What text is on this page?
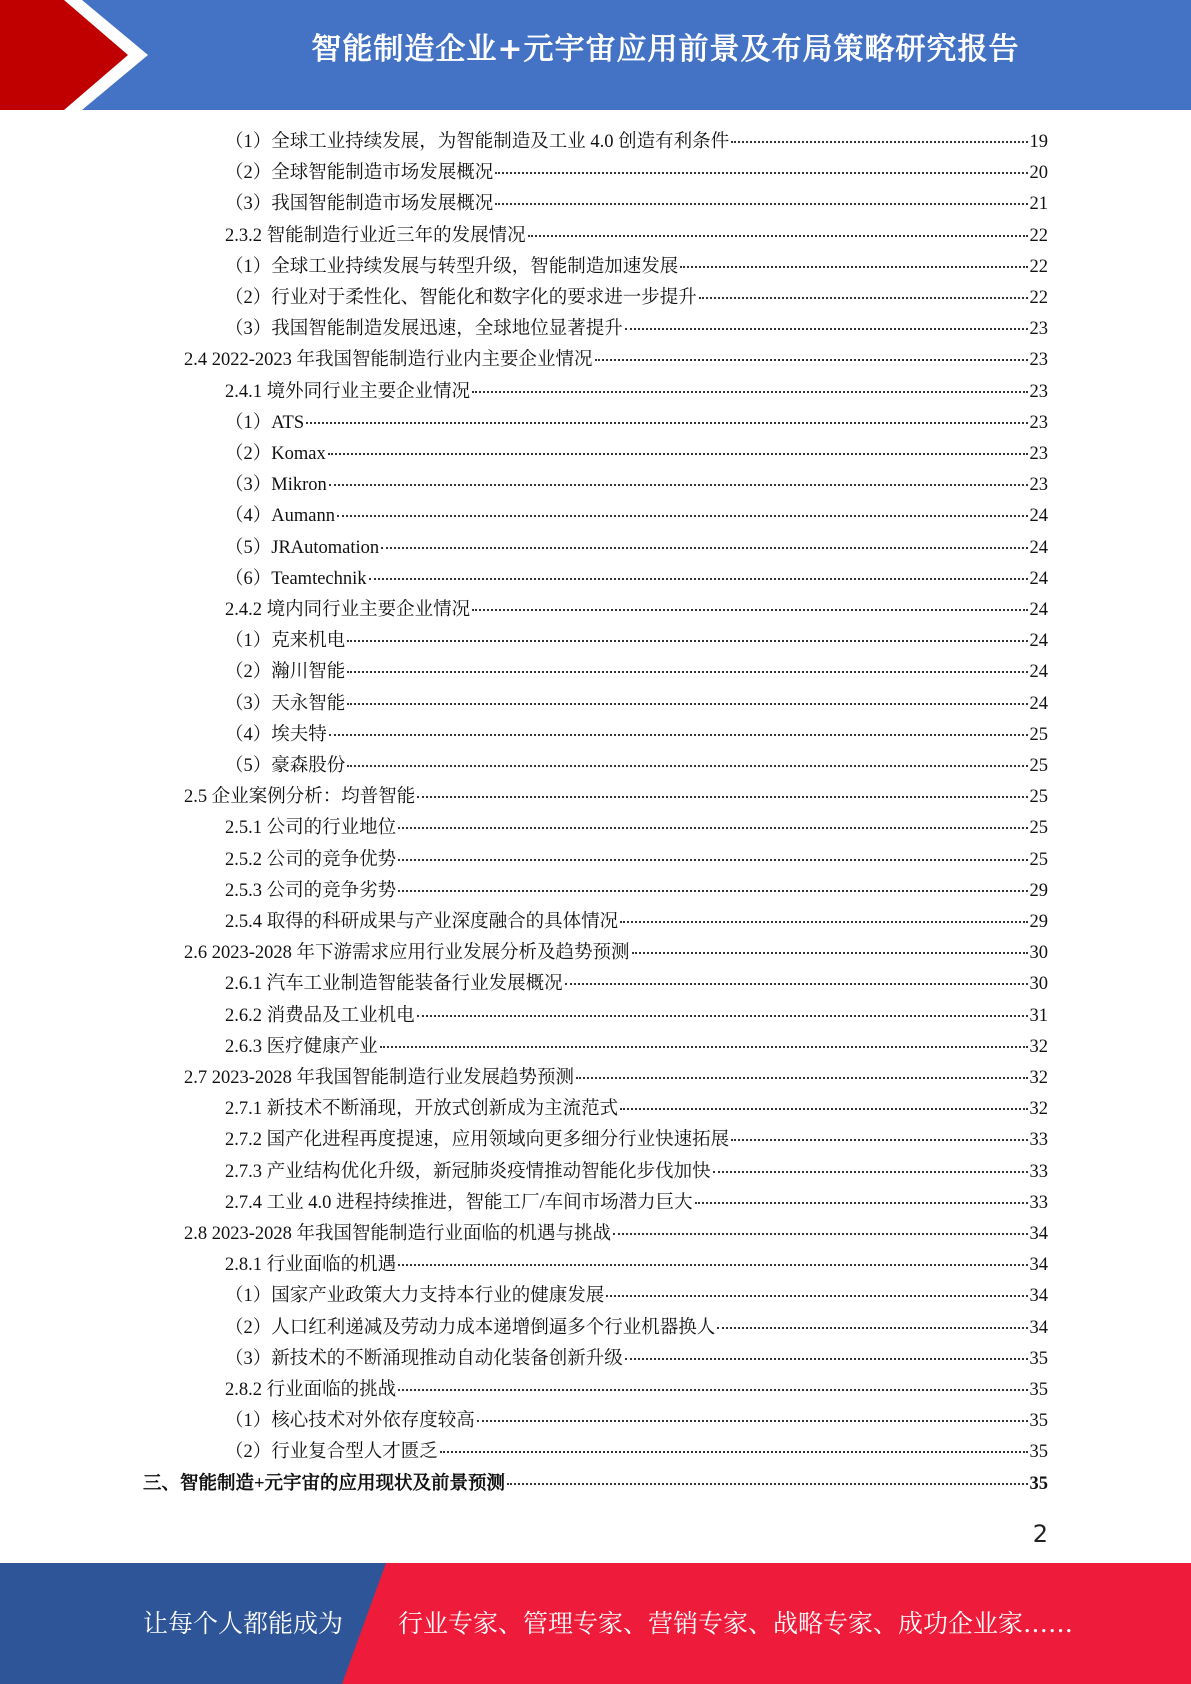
智能制造企业+元宇宙应用前景及布局策略研究报告
（1）全球工业持续发展，为智能制造及工业 4.0 创造有利条件	19
（2）全球智能制造市场发展概况	20
（3）我国智能制造市场发展概况	21
2.3.2 智能制造行业近三年的发展情况	22
（1）全球工业持续发展与转型升级，智能制造加速发展	22
（2）行业对于柔性化、智能化和数字化的要求进一步提升	22
（3）我国智能制造发展迅速，全球地位显著提升	23
2.4 2022-2023 年我国智能制造行业内主要企业情况	23
2.4.1 境外同行业主要企业情况	23
（1）ATS	23
（2）Komax	23
（3）Mikron	23
（4）Aumann	24
（5）JRAutomation	24
（6）Teamtechnik	24
2.4.2 境内同行业主要企业情况	24
（1）克来机电	24
（2）瀚川智能	24
（3）天永智能	24
（4）埃夫特	25
（5）豪森股份	25
2.5 企业案例分析：均普智能	25
2.5.1 公司的行业地位	25
2.5.2 公司的竞争优势	25
2.5.3 公司的竞争劣势	29
2.5.4 取得的科研成果与产业深度融合的具体情况	29
2.6 2023-2028 年下游需求应用行业发展分析及趋势预测	30
2.6.1 汽车工业制造智能装备行业发展概况	30
2.6.2 消费品及工业机电	31
2.6.3 医疗健康产业	32
2.7 2023-2028 年我国智能制造行业发展趋势预测	32
2.7.1 新技术不断涌现，开放式创新成为主流范式	32
2.7.2 国产化进程再度提速，应用领域向更多细分行业快速拓展	33
2.7.3 产业结构优化升级，新冠肺炎疫情推动智能化步伐加快	33
2.7.4 工业 4.0 进程持续推进，智能工厂/车间市场潜力巨大	33
2.8 2023-2028 年我国智能制造行业面临的机遇与挑战	34
2.8.1 行业面临的机遇	34
（1）国家产业政策大力支持本行业的健康发展	34
（2）人口红利递减及劳动力成本递增倒逼多个行业机器换人	34
（3）新技术的不断涌现推动自动化装备创新升级	35
2.8.2 行业面临的挑战	35
（1）核心技术对外依存度较高	35
（2）行业复合型人才匮乏	35
三、智能制造+元宇宙的应用现状及前景预测	35
2
让每个人都能成为 行业专家、管理专家、营销专家、战略专家、成功企业家……
